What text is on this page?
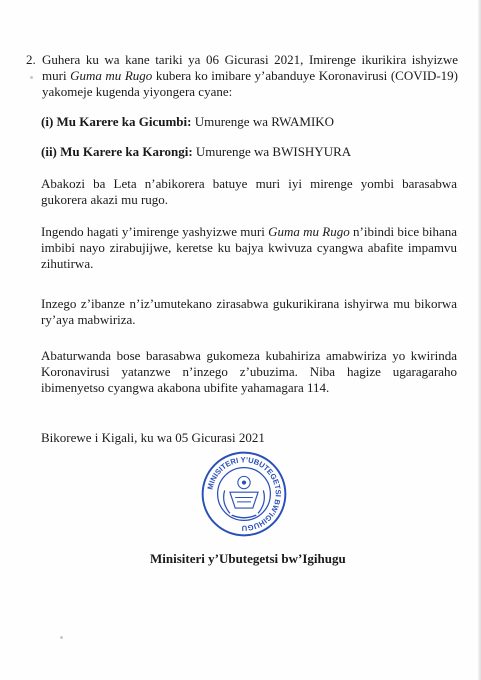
2. Guhera ku wa kane tariki ya 06 Gicurasi 2021, Imirenge ikurikira ishyizwe muri Guma mu Rugo kubera ko imibare y’abanduye Koronavirusi (COVID-19) yakomeje kugenda yiyongera cyane:
(i) Mu Karere ka Gicumbi: Umurenge wa RWAMIKO
(ii) Mu Karere ka Karongi: Umurenge wa BWISHYURA
Abakozi ba Leta n’abikorera batuye muri iyi mirenge yombi barasabwa gukorera akazi mu rugo.
Ingendo hagati y’imirenge yashyizwe muri Guma mu Rugo n’ibindi bice bihana imbibi nayo zirabujijwe, keretse ku bajya kwivuza cyangwa abafite impamvu zihutirwa.
Inzego z’ibanze n’iz’umutekano zirasabwa gukurikirana ishyirwa mu bikorwa ry’aya mabwiriza.
Abaturwanda bose barasabwa gukomeza kubahiriza amabwiriza yo kwirinda Koronavirusi yatanzwe n’inzego z’ubuzima. Niba hagize ugaragaraho ibimenyetso cyangwa akabona ubifite yahamagara 114.
Bikorewe i Kigali, ku wa 05 Gicurasi 2021
MINISITERI Y’UBUTEGETSI BW’IGIHUGU
Minisiteri y’Ubutegetsi bw’Igihugu
